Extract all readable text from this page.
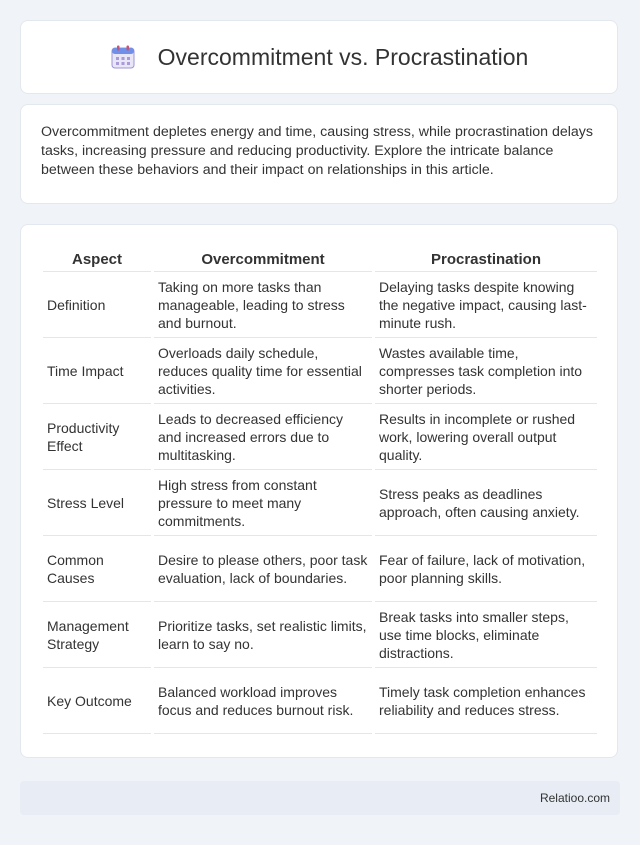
Overcommitment vs. Procrastination

Overcommitment depletes energy and time, causing stress, while procrastination delays tasks, increasing pressure and reducing productivity. Explore the intricate balance between these behaviors and their impact on relationships in this article.

Aspect	Overcommitment	Procrastination
Definition	Taking on more tasks than manageable, leading to stress and burnout.	Delaying tasks despite knowing the negative impact, causing last-minute rush.
Time Impact	Overloads daily schedule, reduces quality time for essential activities.	Wastes available time, compresses task completion into shorter periods.
Productivity Effect	Leads to decreased efficiency and increased errors due to multitasking.	Results in incomplete or rushed work, lowering overall output quality.
Stress Level	High stress from constant pressure to meet many commitments.	Stress peaks as deadlines approach, often causing anxiety.
Common Causes	Desire to please others, poor task evaluation, lack of boundaries.	Fear of failure, lack of motivation, poor planning skills.
Management Strategy	Prioritize tasks, set realistic limits, learn to say no.	Break tasks into smaller steps, use time blocks, eliminate distractions.
Key Outcome	Balanced workload improves focus and reduces burnout risk.	Timely task completion enhances reliability and reduces stress.
Relatioo.com
